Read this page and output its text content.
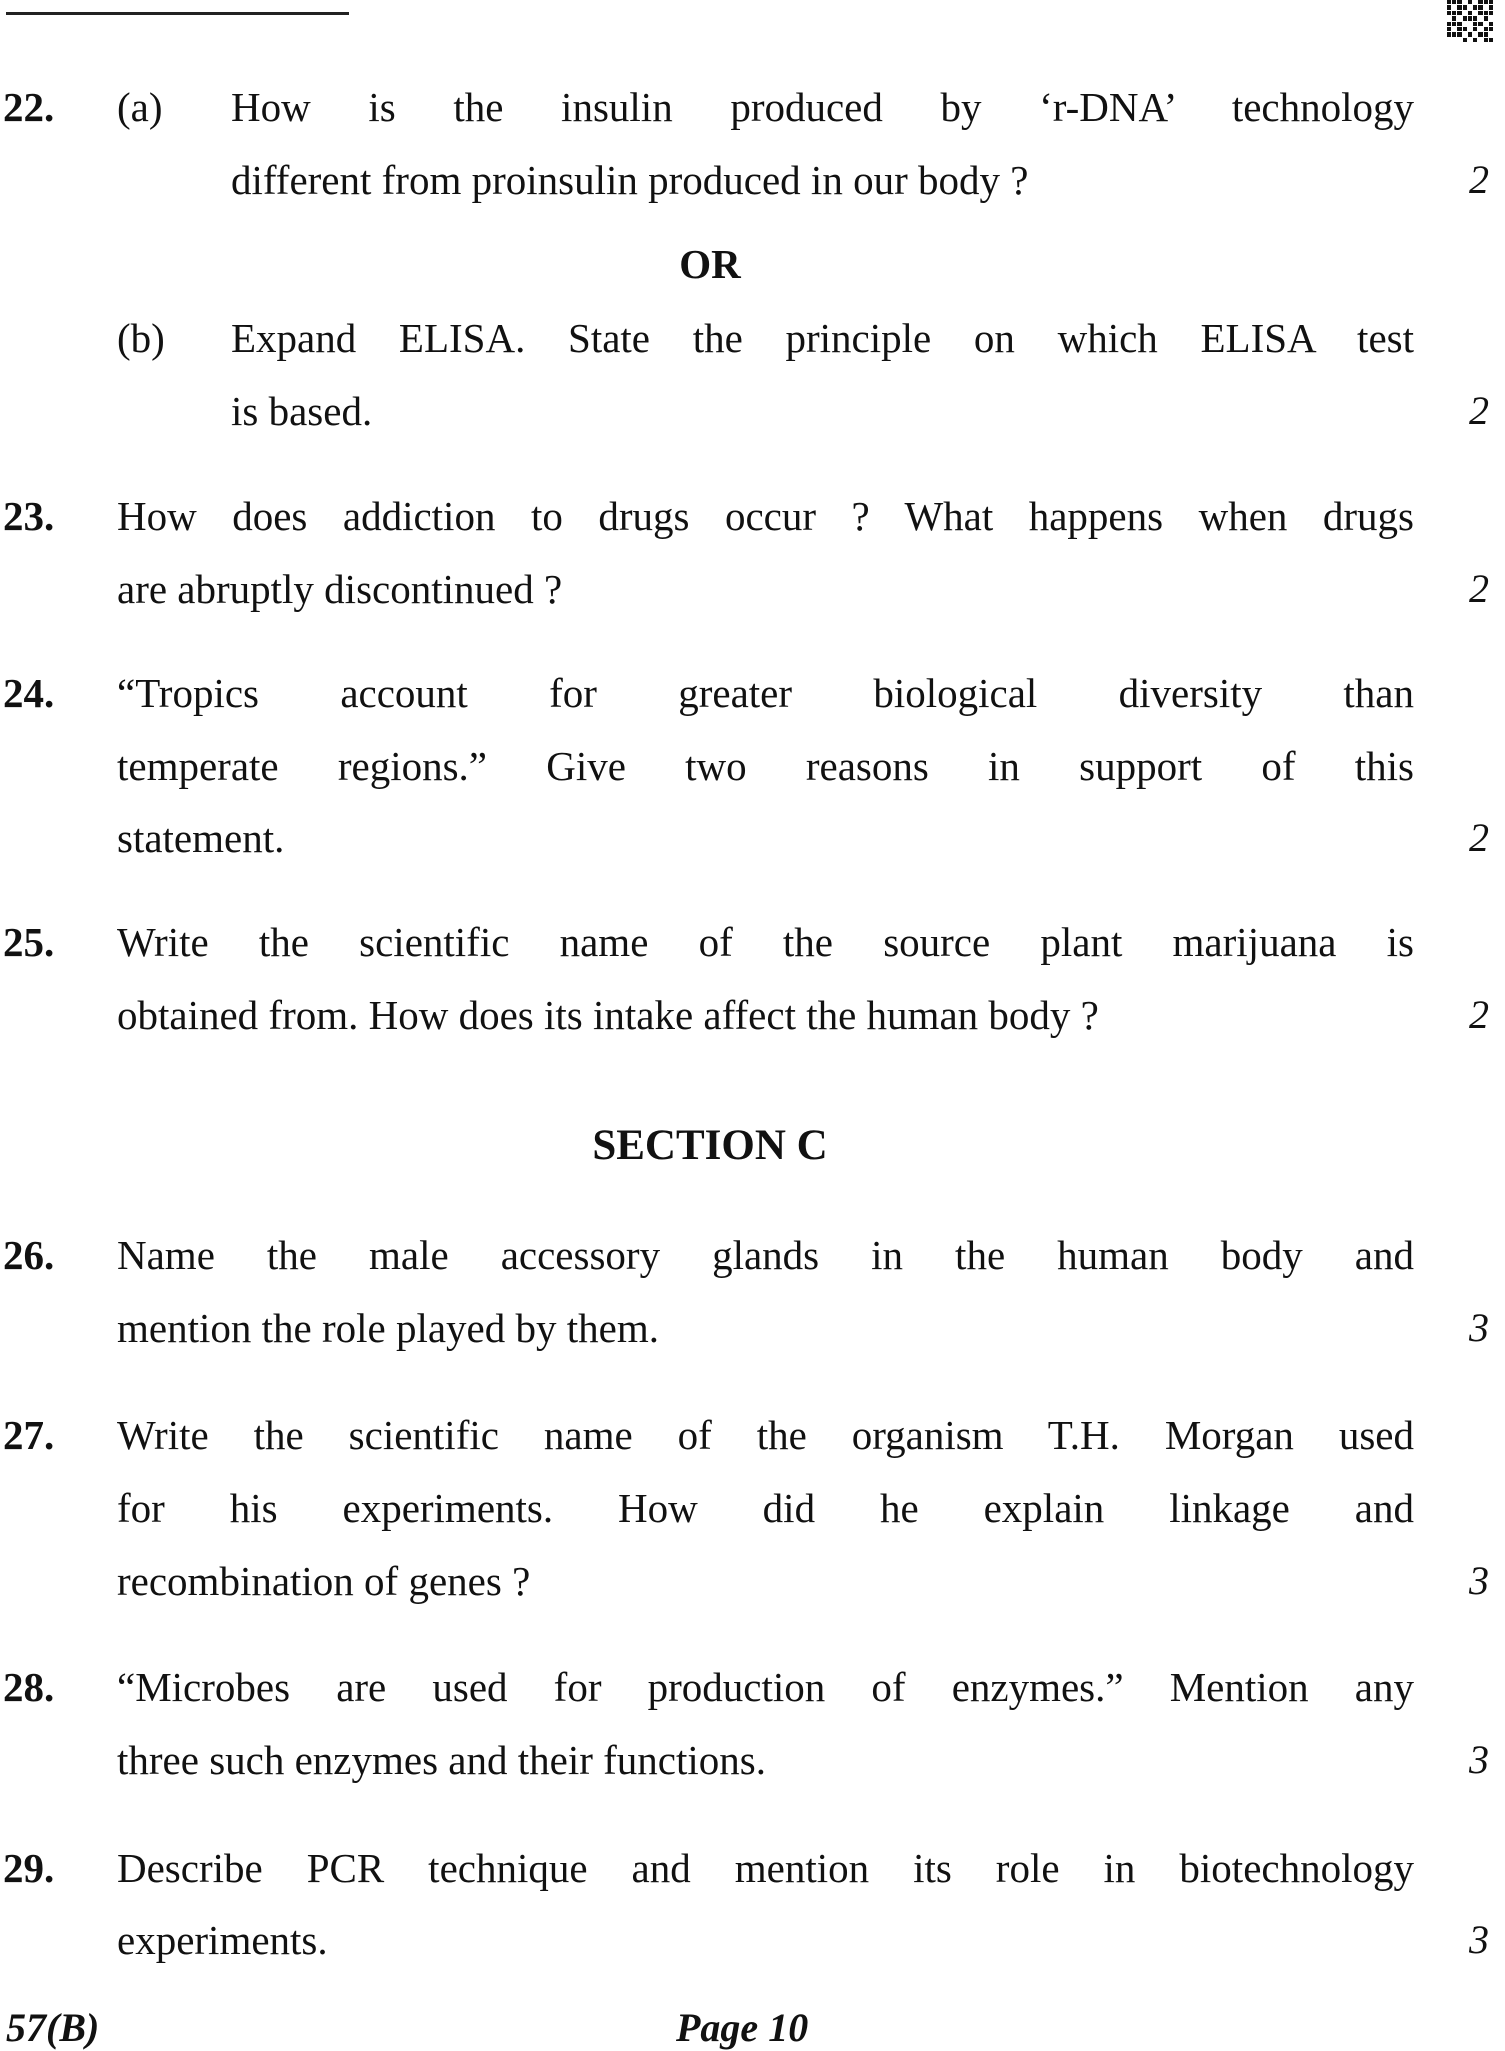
22. (a) How is the insulin produced by ‘r-DNA’ technology
different from proinsulin produced in our body ?	2
OR
(b) Expand ELISA. State the principle on which ELISA test
is based.	2
23. How does addiction to drugs occur ? What happens when drugs
are abruptly discontinued ?	2
24. “Tropics account for greater biological diversity than
temperate regions.” Give two reasons in support of this
statement.	2
25. Write the scientific name of the source plant marijuana is
obtained from. How does its intake affect the human body ?	2
SECTION C
26. Name the male accessory glands in the human body and
mention the role played by them.	3
27. Write the scientific name of the organism T.H. Morgan used
for his experiments. How did he explain linkage and
recombination of genes ?	3
28. “Microbes are used for production of enzymes.” Mention any
three such enzymes and their functions.	3
29. Describe PCR technique and mention its role in biotechnology
experiments.	3
57(B)	Page 10
